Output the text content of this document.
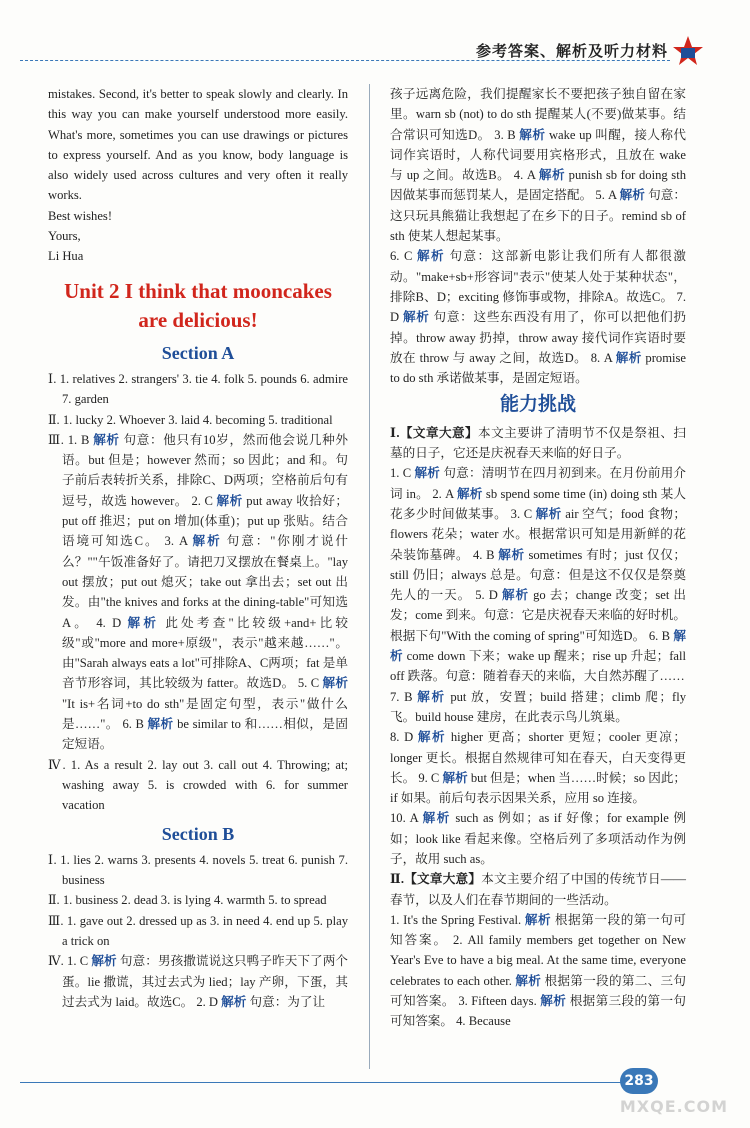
参考答案、解析及听力材料

mistakes. Second, it's better to speak slowly and clearly. In this way you can make yourself understood more easily. What's more, sometimes you can use drawings or pictures to express yourself. And as you know, body language is also widely used across cultures and very often it really works.

Best wishes!

Yours,

Li Hua

Unit 2 I think that mooncakes
are delicious!
Section A

Ⅰ. 1. relatives 2. strangers' 3. tie 4. folk 5. pounds 6. admire 7. garden

Ⅱ. 1. lucky 2. Whoever 3. laid 4. becoming 5. traditional

Ⅲ. 1. B 解析 句意：他只有10岁，然而他会说几种外语。but 但是；however 然而；so 因此；and 和。句子前后表转折关系，排除C、D两项；空格前后句有逗号，故选 however。 2. C 解析 put away 收拾好；put off 推迟；put on 增加(体重)；put up 张贴。结合语境可知选C。 3. A 解析 句意："你刚才说什么？""午饭准备好了。请把刀叉摆放在餐桌上。"lay out 摆放；put out 熄灭；take out 拿出去；set out 出发。由"the knives and forks at the dining-table"可知选A。 4. D 解析 此处考查"比较级+and+比较级"或"more and more+原级"，表示"越来越……"。由"Sarah always eats a lot"可排除A、C两项；fat 是单音节形容词，其比较级为 fatter。故选D。 5. C 解析 "It is+名词+to do sth"是固定句型，表示"做什么是……"。 6. B 解析 be similar to 和……相似，是固定短语。

Ⅳ. 1. As a result 2. lay out 3. call out 4. Throwing; at; washing away 5. is crowded with 6. for summer vacation

Section B

Ⅰ. 1. lies 2. warns 3. presents 4. novels 5. treat 6. punish 7. business

Ⅱ. 1. business 2. dead 3. is lying 4. warmth 5. to spread

Ⅲ. 1. gave out 2. dressed up as 3. in need 4. end up 5. play a trick on

Ⅳ. 1. C 解析 句意：男孩撒谎说这只鸭子昨天下了两个蛋。lie 撒谎，其过去式为 lied；lay 产卵，下蛋，其过去式为 laid。故选C。 2. D 解析 句意：为了让

孩子远离危险，我们提醒家长不要把孩子独自留在家里。warn sb (not) to do sth 提醒某人(不要)做某事。结合常识可知选D。 3. B 解析 wake up 叫醒，接人称代词作宾语时，人称代词要用宾格形式，且放在 wake 与 up 之间。故选B。 4. A 解析 punish sb for doing sth 因做某事而惩罚某人，是固定搭配。 5. A 解析 句意：这只玩具熊猫让我想起了在乡下的日子。remind sb of sth 使某人想起某事。

6. C 解析 句意：这部新电影让我们所有人都很激动。"make+sb+形容词"表示"使某人处于某种状态"，排除B、D；exciting 修饰事或物，排除A。故选C。 7. D 解析 句意：这些东西没有用了，你可以把他们扔掉。throw away 扔掉，throw away 接代词作宾语时要放在 throw 与 away 之间，故选D。 8. A 解析 promise to do sth 承诺做某事，是固定短语。

能力挑战

Ⅰ.【文章大意】本文主要讲了清明节不仅是祭祖、扫墓的日子，它还是庆祝春天来临的好日子。

1. C 解析 句意：清明节在四月初到来。在月份前用介词 in。 2. A 解析 sb spend some time (in) doing sth 某人花多少时间做某事。 3. C 解析 air 空气；food 食物；flowers 花朵；water 水。根据常识可知是用新鲜的花朵装饰墓碑。 4. B 解析 sometimes 有时；just 仅仅；still 仍旧；always 总是。句意：但是这不仅仅是祭奠先人的一天。 5. D 解析 go 去；change 改变；set 出发；come 到来。句意：它是庆祝春天来临的好时机。根据下句"With the coming of spring"可知选D。 6. B 解析 come down 下来；wake up 醒来；rise up 升起；fall off 跌落。句意：随着春天的来临，大自然苏醒了……

7. B 解析 put 放，安置；build 搭建；climb 爬；fly 飞。build house 建房，在此表示鸟儿筑巢。

8. D 解析 higher 更高；shorter 更短；cooler 更凉；longer 更长。根据自然规律可知在春天，白天变得更长。 9. C 解析 but 但是；when 当……时候；so 因此；if 如果。前后句表示因果关系，应用 so 连接。

10. A 解析 such as 例如；as if 好像；for example 例如；look like 看起来像。空格后列了多项活动作为例子，故用 such as。

Ⅱ.【文章大意】本文主要介绍了中国的传统节日——春节，以及人们在春节期间的一些活动。

1. It's the Spring Festival. 解析 根据第一段的第一句可知答案。 2. All family members get together on New Year's Eve to have a big meal. At the same time, everyone celebrates to each other. 解析 根据第一段的第二、三句可知答案。 3. Fifteen days. 解析 根据第三段的第一句可知答案。 4. Because

283
MXQE.COM
